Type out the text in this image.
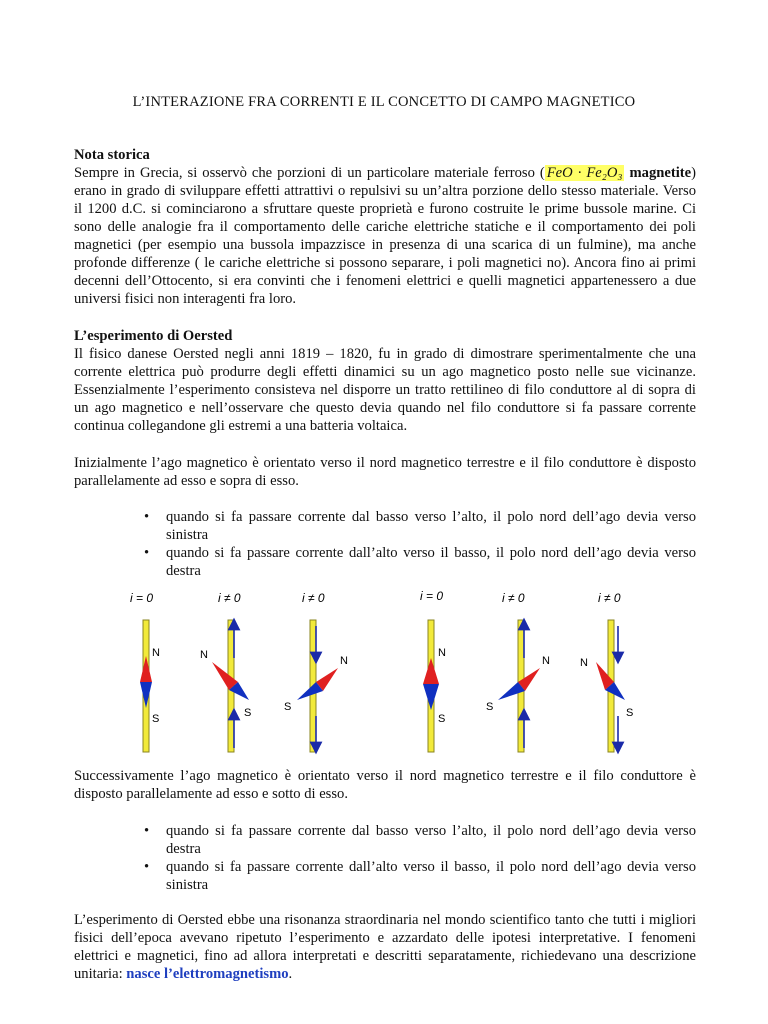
L’INTERAZIONE FRA CORRENTI E IL CONCETTO DI CAMPO MAGNETICO
Nota storica

Sempre in Grecia, si osservò che porzioni di un particolare materiale ferroso ( FeO · Fe₂O₃ magnetite) erano in grado di sviluppare effetti attrattivi o repulsivi su un’altra porzione dello stesso materiale. Verso il 1200 d.C. si cominciarono a sfruttare queste proprietà e furono costruite le prime bussole marine. Ci sono delle analogie fra il comportamento delle cariche elettriche statiche e il comportamento dei poli magnetici (per esempio una bussola impazzisce in presenza di una scarica di un fulmine), ma anche profonde differenze ( le cariche elettriche si possono separare, i poli magnetici no). Ancora fino ai primi decenni dell’Ottocento, si era convinti che i fenomeni elettrici e quelli magnetici appartenessero a due universi fisici non interagenti fra loro.

L’esperimento di Oersted

Il fisico danese Oersted negli anni 1819 – 1820, fu in grado di dimostrare sperimentalmente che una corrente elettrica può produrre degli effetti dinamici su un ago magnetico posto nelle sue vicinanze. Essenzialmente l’esperimento consisteva nel disporre un tratto rettilineo di filo conduttore al di sopra di un ago magnetico e nell’osservare che questo devia quando nel filo conduttore si fa passare corrente continua collegandone gli estremi a una batteria voltaica.

Inizialmente l’ago magnetico è orientato verso il nord magnetico terrestre e il filo conduttore è disposto parallelamente ad esso e sopra di esso.

• quando si fa passare corrente dal basso verso l’alto, il polo nord dell’ago devia verso sinistra
• quando si fa passare corrente dall’alto verso il basso, il polo nord dell’ago devia verso destra
i = 0	i ≠ 0	i ≠ 0	i = 0	i ≠ 0	i ≠ 0
N
S
N
S
N
S
N
S
N
S
N
S

Successivamente l’ago magnetico è orientato verso il nord magnetico terrestre e il filo conduttore è disposto parallelamente ad esso e sotto di esso.

• quando si fa passare corrente dal basso verso l’alto, il polo nord dell’ago devia verso destra
• quando si fa passare corrente dall’alto verso il basso, il polo nord dell’ago devia verso sinistra

L’esperimento di Oersted ebbe una risonanza straordinaria nel mondo scientifico tanto che tutti i migliori fisici dell’epoca avevano ripetuto l’esperimento e azzardato delle ipotesi interpretative. I fenomeni elettrici e magnetici, fino ad allora interpretati e descritti separatamente, richiedevano una descrizione unitaria: nasce l’elettromagnetismo.
